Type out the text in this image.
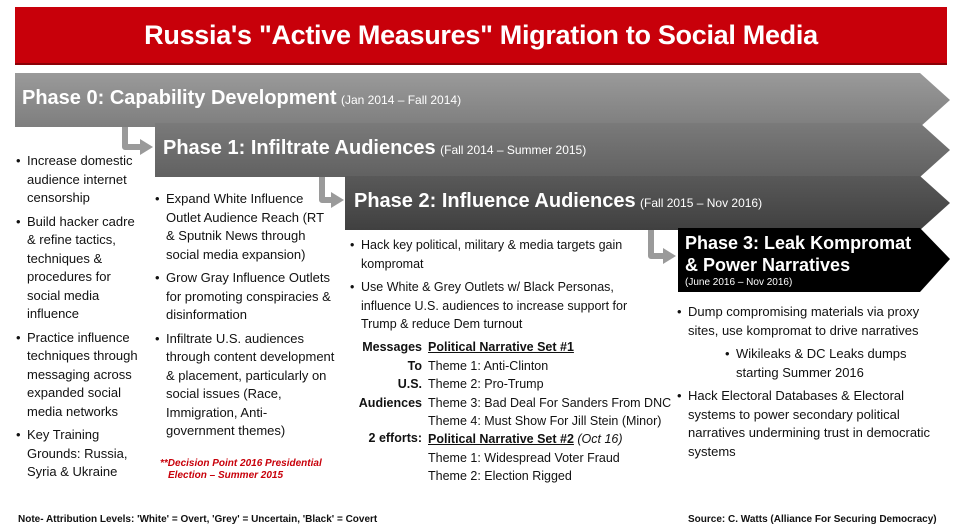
Russia's "Active Measures" Migration to Social Media
Phase 0: Capability Development (Jan 2014 – Fall 2014)
Phase 1: Infiltrate Audiences (Fall 2014 – Summer 2015)
Phase 2: Influence Audiences (Fall 2015 – Nov 2016)
Phase 3: Leak Kompromat
& Power Narratives
(June 2016 – Nov 2016)
• Increase domestic audience internet censorship
• Build hacker cadre & refine tactics, techniques & procedures for social media influence
• Practice influence techniques through messaging across expanded social media networks
• Key Training Grounds: Russia, Syria & Ukraine
• Expand White Influence Outlet Audience Reach (RT & Sputnik News through social media expansion)
• Grow Gray Influence Outlets for promoting conspiracies & disinformation
• Infiltrate U.S. audiences through content development & placement, particularly on social issues (Race, Immigration, Anti-government themes)
**Decision Point 2016 Presidential
Election – Summer 2015
• Hack key political, military & media targets gain kompromat
• Use White & Grey Outlets w/ Black Personas, influence U.S. audiences to increase support for Trump & reduce Dem turnout
Messages
To
U.S.
Audiences
2 efforts:
Political Narrative Set #1
Theme 1: Anti-Clinton
Theme 2: Pro-Trump
Theme 3: Bad Deal For Sanders From DNC
Theme 4: Must Show For Jill Stein (Minor)
Political Narrative Set #2 (Oct 16)
Theme 1: Widespread Voter Fraud
Theme 2: Election Rigged
• Dump compromising materials via proxy sites, use kompromat to drive narratives
• Wikileaks & DC Leaks dumps starting Summer 2016
• Hack Electoral Databases & Electoral systems to power secondary political narratives undermining trust in democratic systems
Note- Attribution Levels: 'White' = Overt, 'Grey' = Uncertain, 'Black' = Covert	Source: C. Watts (Alliance For Securing Democracy)
